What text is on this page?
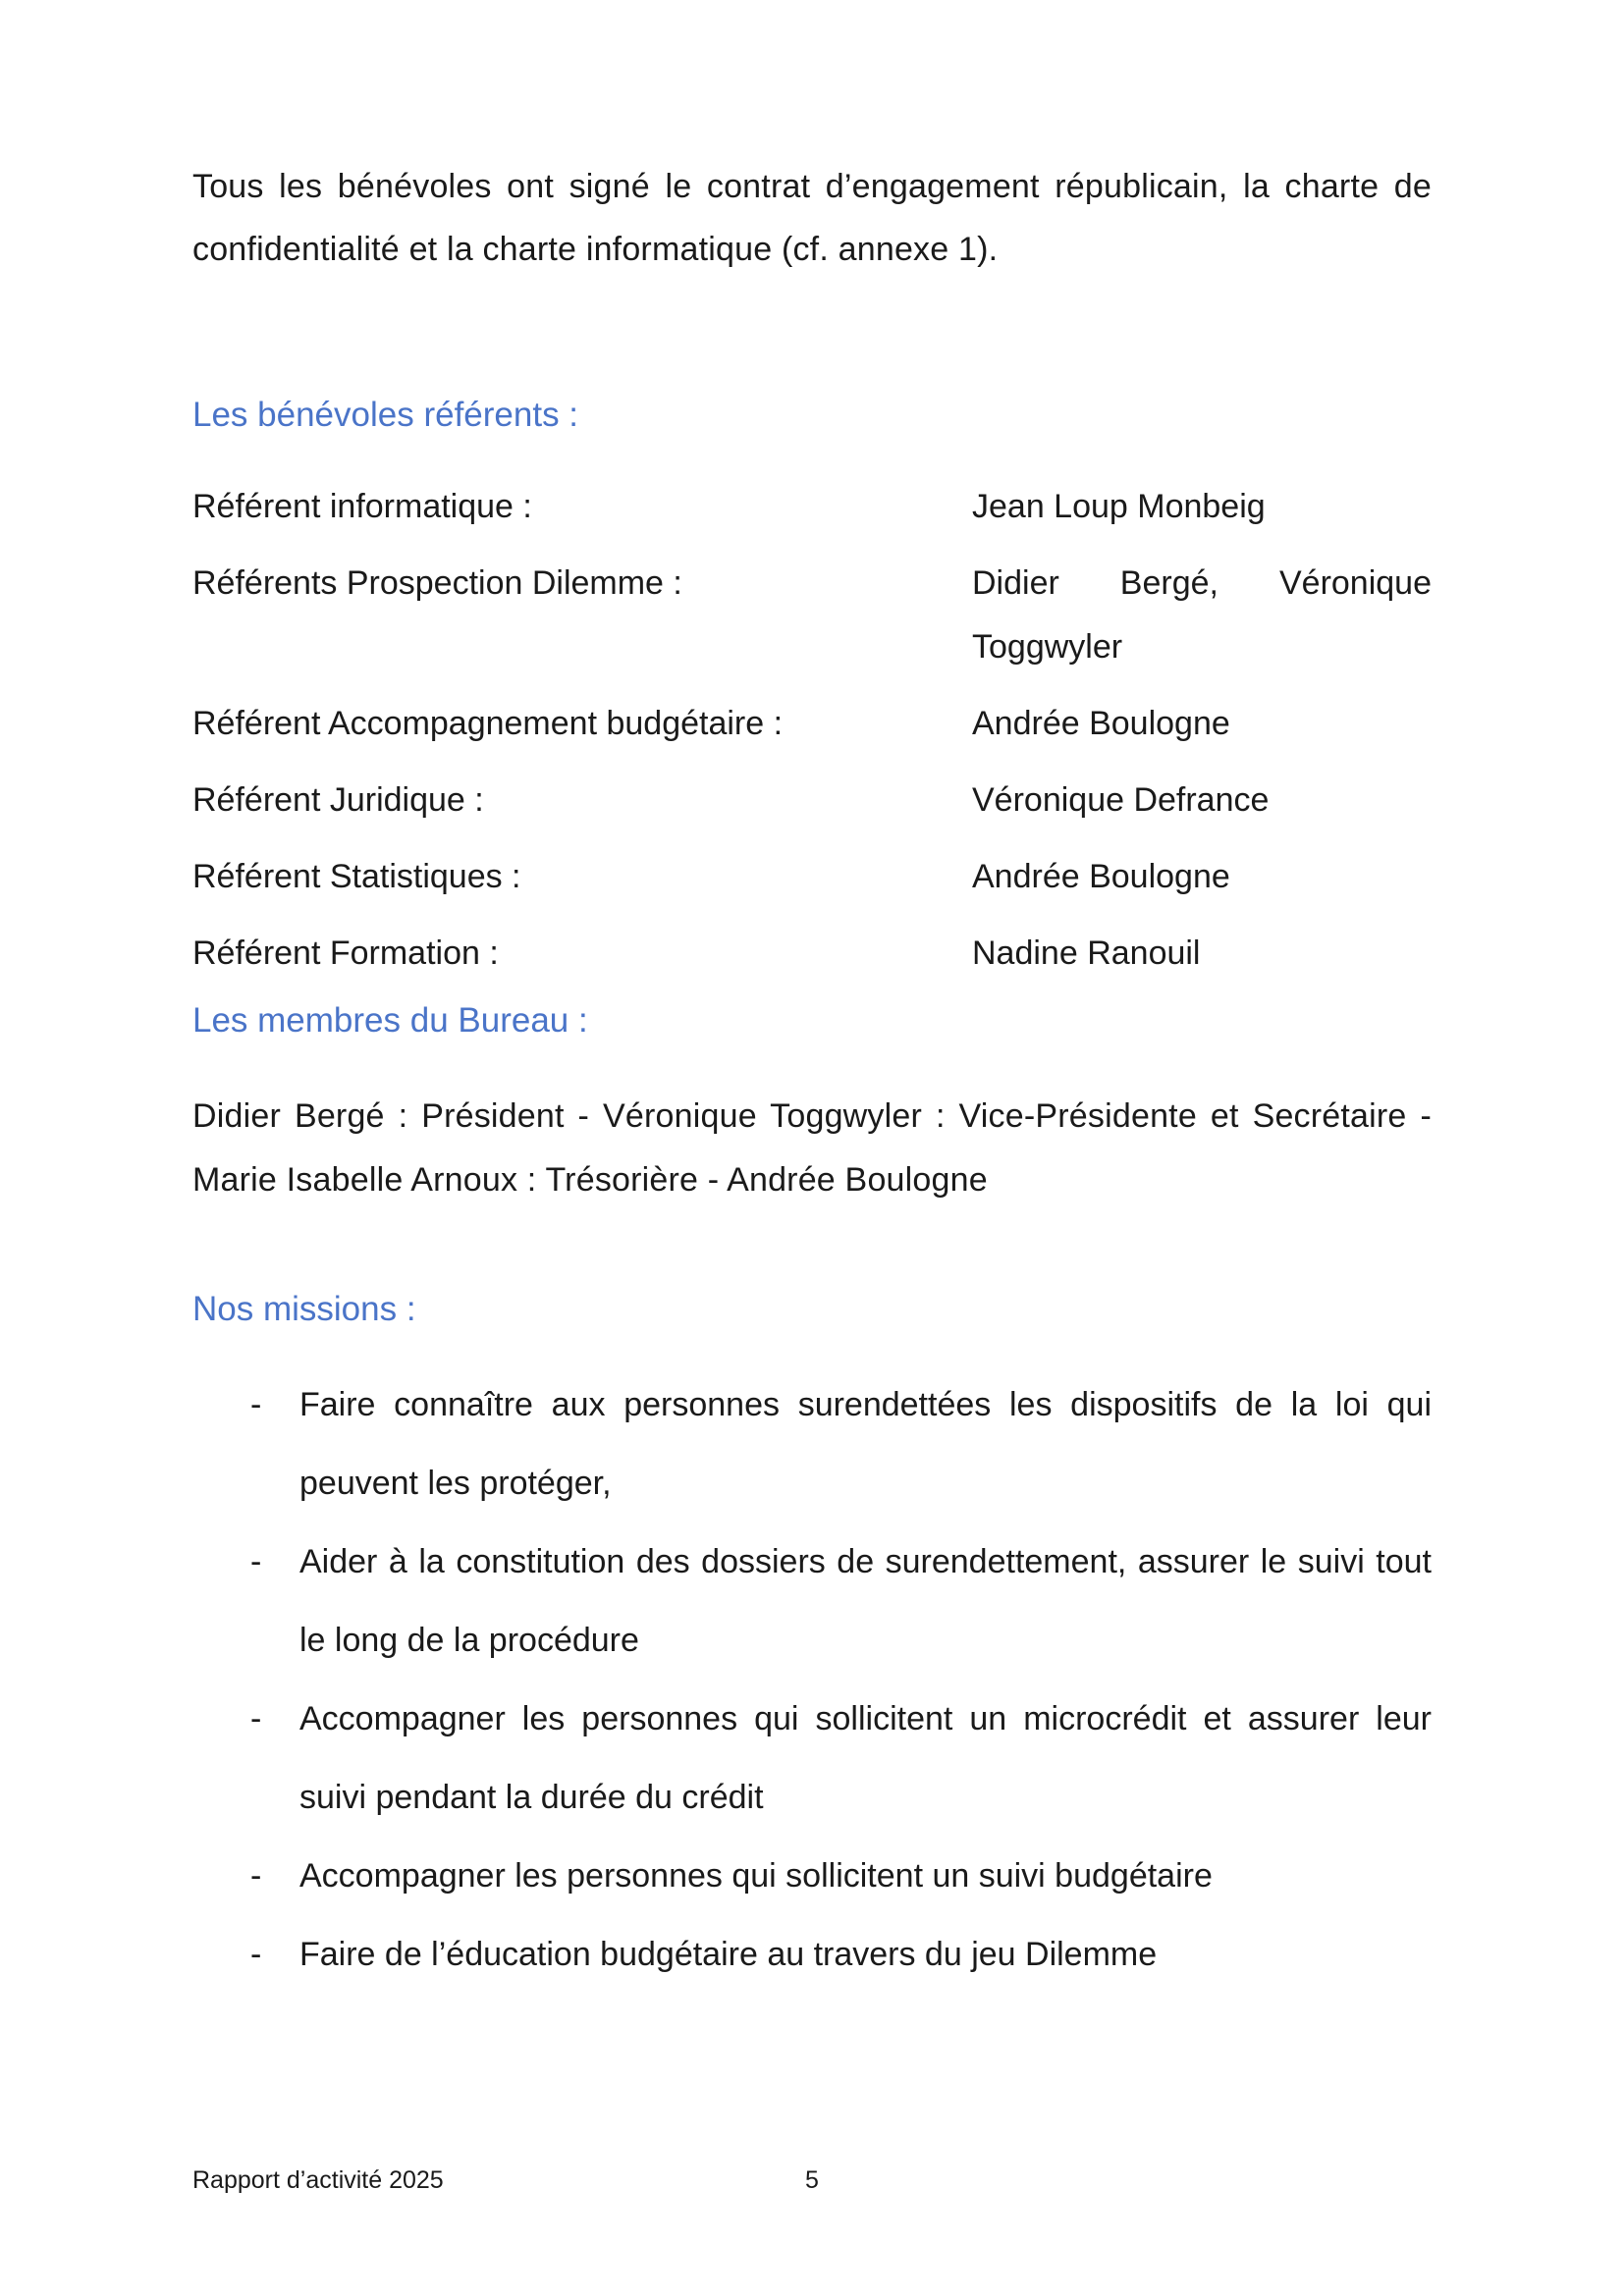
Tous les bénévoles ont signé le contrat d’engagement républicain, la charte de confidentialité et la charte informatique (cf. annexe 1).

Les bénévoles référents :
Référent informatique :	Jean Loup Monbeig
Référents Prospection Dilemme :	Didier Bergé, Véronique Toggwyler
Référent Accompagnement budgétaire :	Andrée Boulogne
Référent Juridique :	Véronique Defrance
Référent Statistiques :	Andrée Boulogne
Référent Formation :	Nadine Ranouil
Les membres du Bureau :

Didier Bergé : Président - Véronique Toggwyler : Vice-Présidente et Secrétaire - Marie Isabelle Arnoux : Trésorière - Andrée Boulogne

Nos missions :
-	Faire connaître aux personnes surendettées les dispositifs de la loi qui peuvent les protéger,
-	Aider à la constitution des dossiers de surendettement, assurer le suivi tout le long de la procédure
-	Accompagner les personnes qui sollicitent un microcrédit et assurer leur suivi pendant la durée du crédit
-	Accompagner les personnes qui sollicitent un suivi budgétaire
-	Faire de l’éducation budgétaire au travers du jeu Dilemme
Rapport d’activité 2025	5
